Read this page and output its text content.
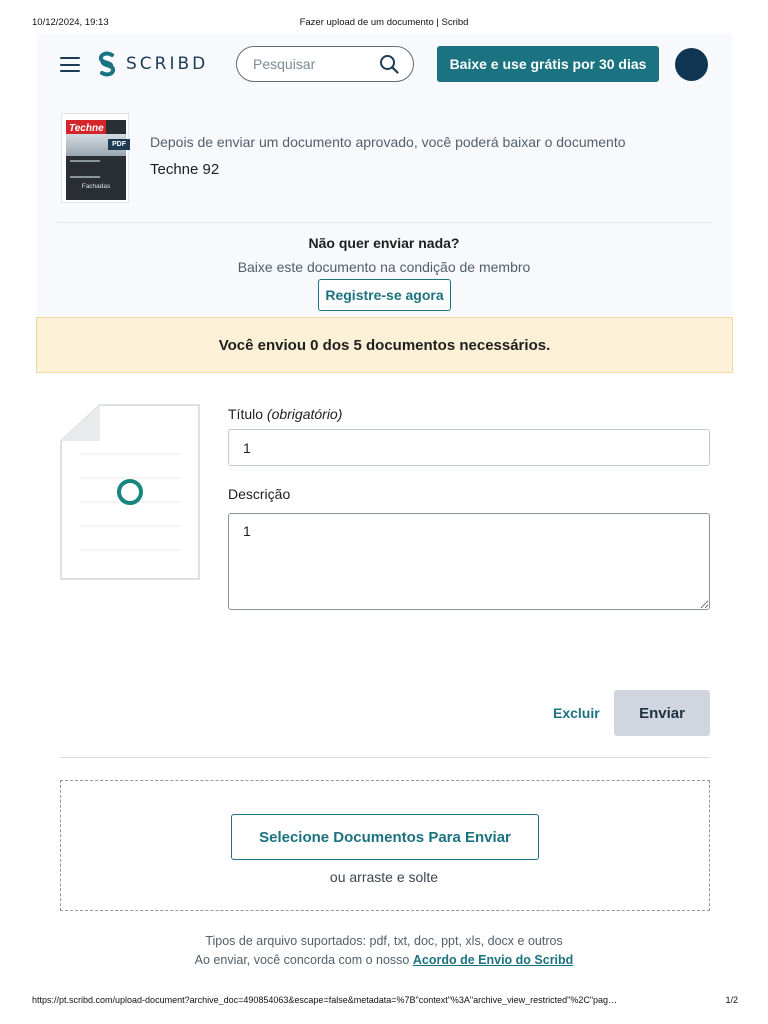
10/12/2024, 19:13	Fazer upload de um documento | Scribd
SCRIBD	Pesquisar	Baixe e use grátis por 30 dias
Techne
Fachadas
PDF Depois de enviar um documento aprovado, você poderá baixar o documento
Techne 92
Não quer enviar nada?
Baixe este documento na condição de membro
Registre-se agora
Você enviou 0 dos 5 documentos necessários.
Título (obrigatório)
1
Descrição
1
Excluir	Enviar
Selecione Documentos Para Enviar
ou arraste e solte
Tipos de arquivo suportados: pdf, txt, doc, ppt, xls, docx e outros
Ao enviar, você concorda com o nosso Acordo de Envio do Scribd
https://pt.scribd.com/upload-document?archive_doc=490854063&escape=false&metadata=%7B"context"%3A"archive_view_restricted"%2C"pag…	1/2
